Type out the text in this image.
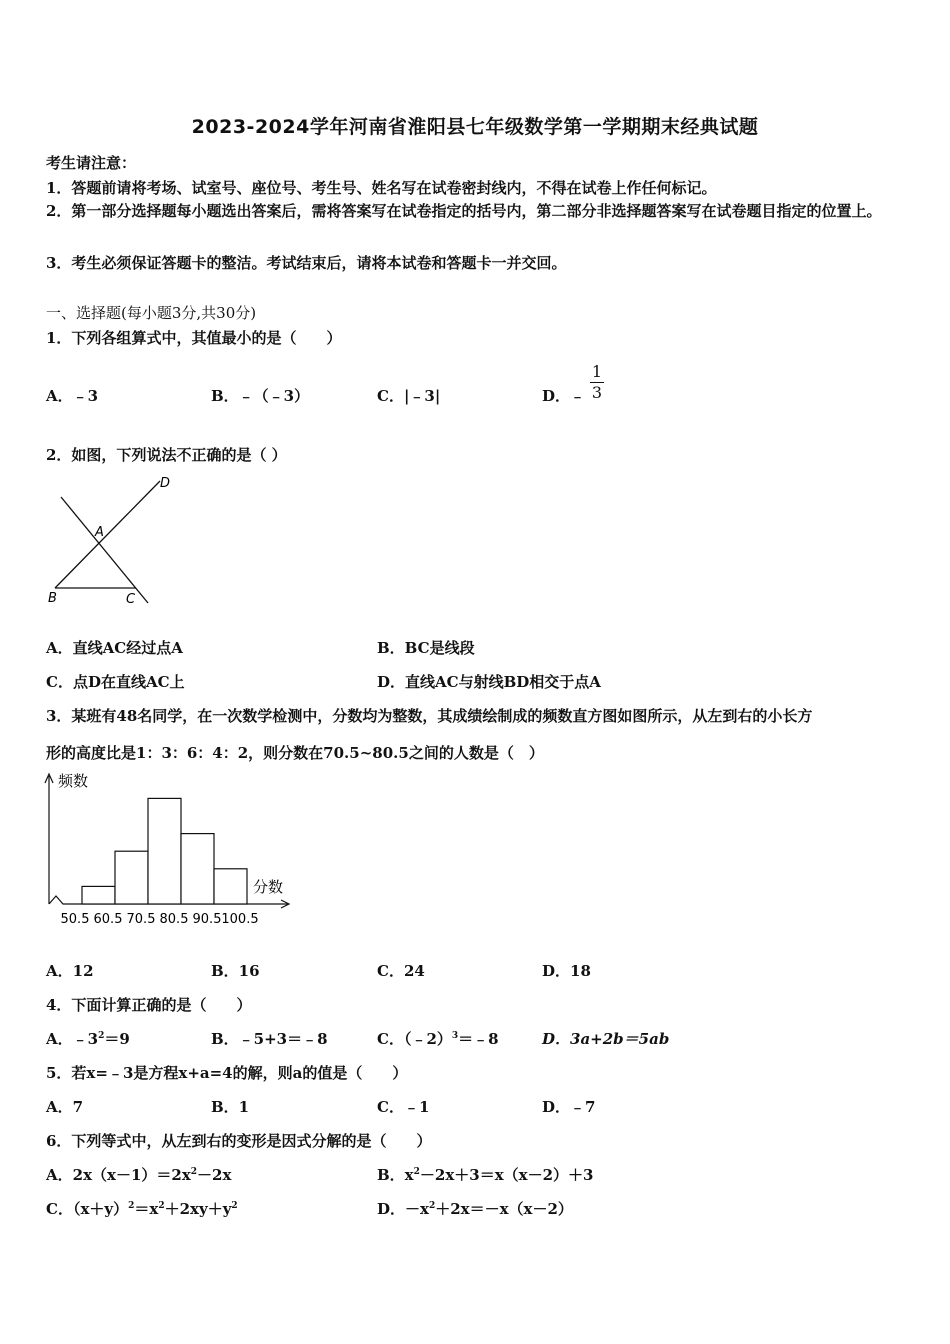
2023-2024学年河南省淮阳县七年级数学第一学期期末经典试题
考生请注意：
1．答题前请将考场、试室号、座位号、考生号、姓名写在试卷密封线内，不得在试卷上作任何标记。
2．第一部分选择题每小题选出答案后，需将答案写在试卷指定的括号内，第二部分非选择题答案写在试卷题目指定的位置上。
3．考生必须保证答题卡的整洁。考试结束后，请将本试卷和答题卡一并交回。
一、选择题(每小题3分,共30分)
1．下列各组算式中，其值最小的是（　　）
A．﹣3	B．﹣（﹣3）	C．|﹣3|	D．﹣ $\frac{1}{3}$
2．如图，下列说法不正确的是（ ）
D
A
B	C
A．直线AC经过点A	B．BC是线段
C．点D在直线AC上	D．直线AC与射线BD相交于点A
3．某班有48名同学，在一次数学检测中，分数均为整数，其成绩绘制成的频数直方图如图所示，从左到右的小长方
形的高度比是1：3：6：4：2，则分数在70.5~80.5之间的人数是（　）
频数
分数
50.5 60.5 70.5 80.5 90.5 100.5
A．12	B．16	C．24	D．18
4．下面计算正确的是（　　）
A．$﹣3^2=9$	B．﹣5+3＝﹣8	C．（﹣2）$^3$＝﹣8	D．3a+2b＝5ab
5．若x=﹣3是方程x+a=4的解，则a的值是（　　）
A．7	B．1	C．﹣1	D．﹣7
6．下列等式中，从左到右的变形是因式分解的是（　　）
A．$2x(x-1)=2x^2-2x$	B．$x^2-2x+3=x(x-2)+3$
C．$(x+y)^2=x^2+2xy+y^2$	D．$-x^2+2x=-x(x-2)$
